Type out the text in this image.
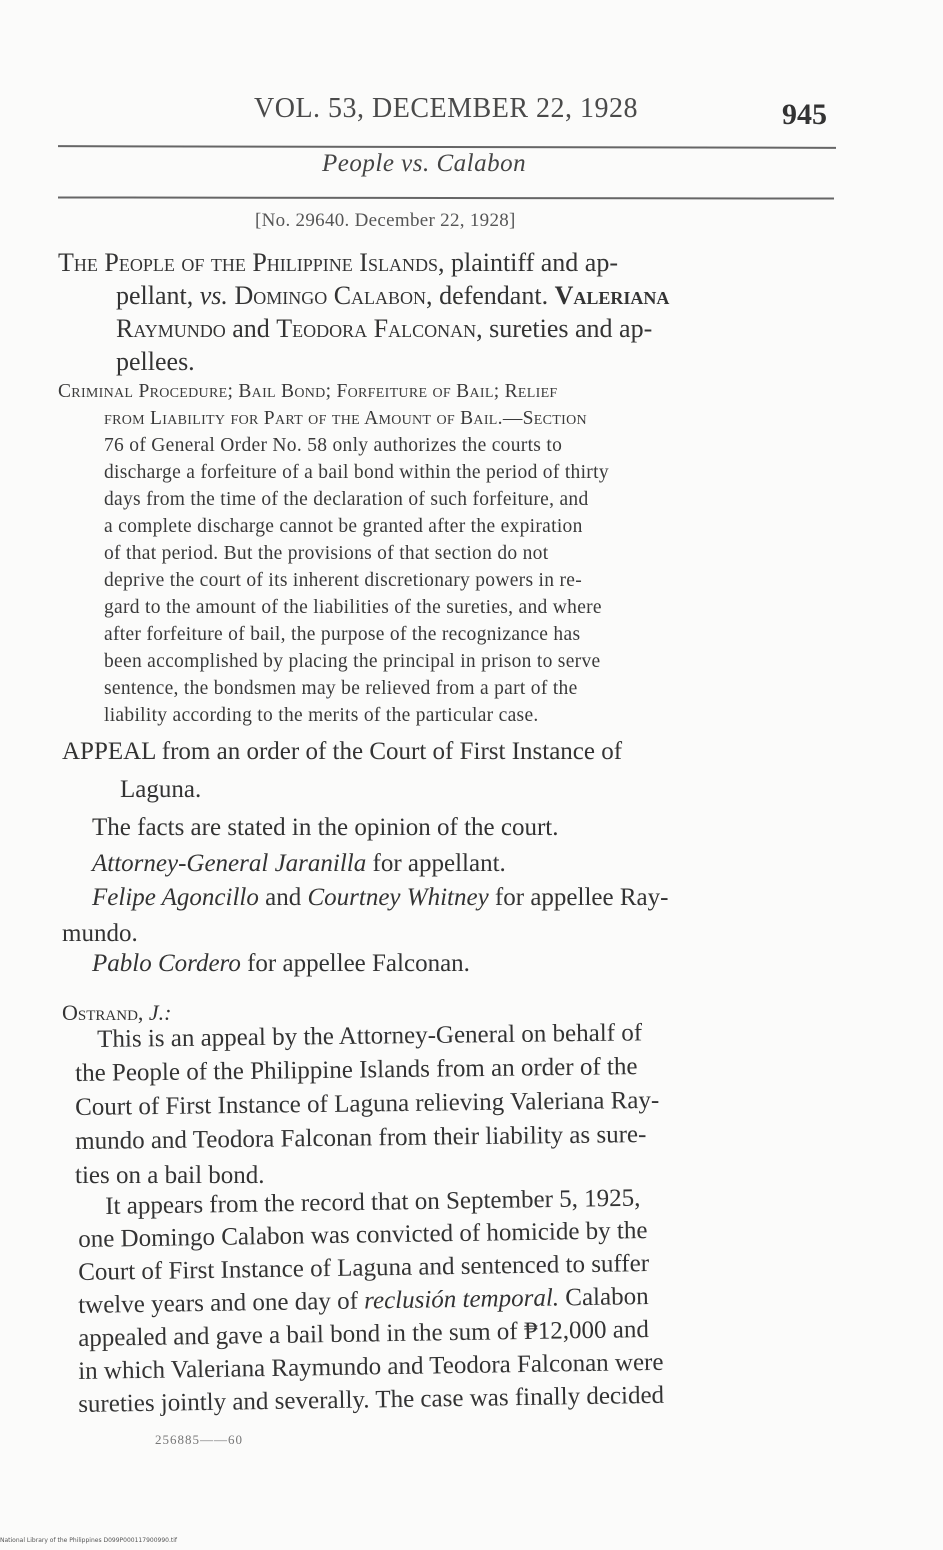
VOL. 53, DECEMBER 22, 1928	945
People vs. Calabon
[No. 29640. December 22, 1928]
The People of the Philippine Islands, plaintiff and ap-
pellant, vs. Domingo Calabon, defendant. Valeriana
Raymundo and Teodora Falconan, sureties and ap-
pellees.
Criminal Procedure; Bail Bond; Forfeiture of Bail; Relief
from Liability for Part of the Amount of Bail.—Section
76 of General Order No. 58 only authorizes the courts to
discharge a forfeiture of a bail bond within the period of thirty
days from the time of the declaration of such forfeiture, and
a complete discharge cannot be granted after the expiration
of that period. But the provisions of that section do not
deprive the court of its inherent discretionary powers in re-
gard to the amount of the liabilities of the sureties, and where
after forfeiture of bail, the purpose of the recognizance has
been accomplished by placing the principal in prison to serve
sentence, the bondsmen may be relieved from a part of the
liability according to the merits of the particular case.
APPEAL from an order of the Court of First Instance of
Laguna.
The facts are stated in the opinion of the court.
Attorney-General Jaranilla for appellant.
Felipe Agoncillo and Courtney Whitney for appellee Ray-
mundo.
Pablo Cordero for appellee Falconan.
Ostrand, J.:
This is an appeal by the Attorney-General on behalf of
the People of the Philippine Islands from an order of the
Court of First Instance of Laguna relieving Valeriana Ray-
mundo and Teodora Falconan from their liability as sure-
ties on a bail bond.
It appears from the record that on September 5, 1925,
one Domingo Calabon was convicted of homicide by the
Court of First Instance of Laguna and sentenced to suffer
twelve years and one day of reclusión temporal. Calabon
appealed and gave a bail bond in the sum of ₱12,000 and
in which Valeriana Raymundo and Teodora Falconan were
sureties jointly and severally. The case was finally decided
256885——60
National Library of the Philippines D099P000117900990.tif
